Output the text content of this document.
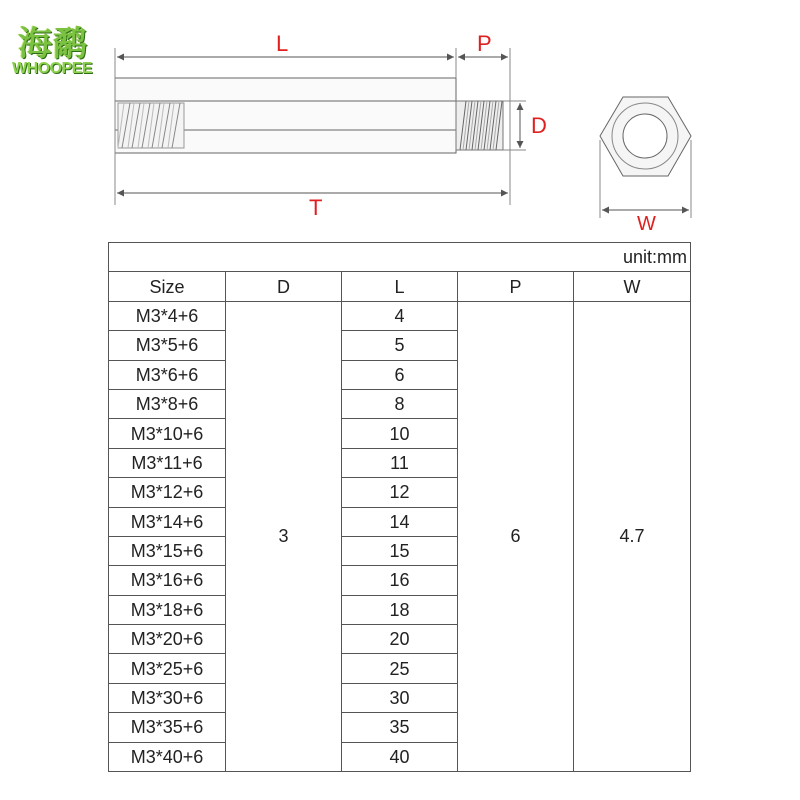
海鹬
WHOOPEE
L	P
D
T
W
unit:mm				
Size	D	L	P	W
M3*4+6	3	4	6	4.7
M3*5+6		5		
M3*6+6		6		
M3*8+6		8		
M3*10+6		10		
M3*11+6		11		
M3*12+6		12		
M3*14+6		14		
M3*15+6		15		
M3*16+6		16		
M3*18+6		18		
M3*20+6		20		
M3*25+6		25		
M3*30+6		30		
M3*35+6		35		
M3*40+6		40		
